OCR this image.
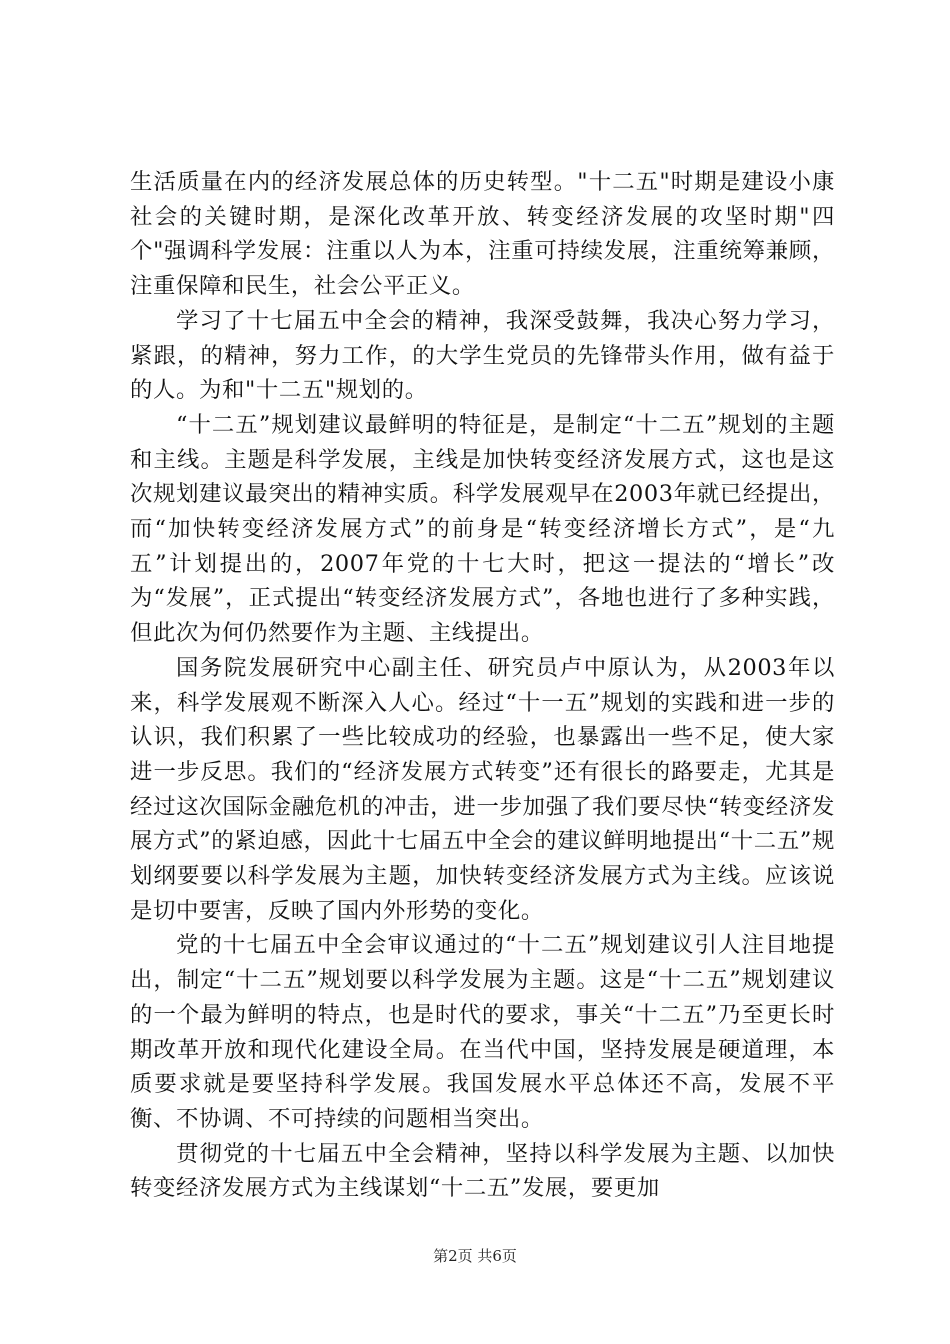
生活质量在内的经济发展总体的历史转型。"十二五"时期是建设小康社会的关键时期，是深化改革开放、转变经济发展的攻坚时期"四个"强调科学发展：注重以人为本，注重可持续发展，注重统筹兼顾，注重保障和民生，社会公平正义。

学习了十七届五中全会的精神，我深受鼓舞，我决心努力学习，紧跟，的精神，努力工作，的大学生党员的先锋带头作用，做有益于的人。为和"十二五"规划的。

“十二五”规划建议最鲜明的特征是，是制定“十二五”规划的主题和主线。主题是科学发展，主线是加快转变经济发展方式，这也是这次规划建议最突出的精神实质。科学发展观早在2003年就已经提出，而“加快转变经济发展方式”的前身是“转变经济增长方式”，是“九五”计划提出的，2007年党的十七大时，把这一提法的“增长”改为“发展”，正式提出“转变经济发展方式”，各地也进行了多种实践，但此次为何仍然要作为主题、主线提出。

国务院发展研究中心副主任、研究员卢中原认为，从2003年以来，科学发展观不断深入人心。经过“十一五”规划的实践和进一步的认识，我们积累了一些比较成功的经验，也暴露出一些不足，使大家进一步反思。我们的“经济发展方式转变”还有很长的路要走，尤其是经过这次国际金融危机的冲击，进一步加强了我们要尽快“转变经济发展方式”的紧迫感，因此十七届五中全会的建议鲜明地提出“十二五”规划纲要要以科学发展为主题，加快转变经济发展方式为主线。应该说是切中要害，反映了国内外形势的变化。

党的十七届五中全会审议通过的“十二五”规划建议引人注目地提出，制定“十二五”规划要以科学发展为主题。这是“十二五”规划建议的一个最为鲜明的特点，也是时代的要求，事关“十二五”乃至更长时期改革开放和现代化建设全局。在当代中国，坚持发展是硬道理，本质要求就是要坚持科学发展。我国发展水平总体还不高，发展不平衡、不协调、不可持续的问题相当突出。

贯彻党的十七届五中全会精神，坚持以科学发展为主题、以加快转变经济发展方式为主线谋划“十二五”发展，要更加

第2页 共6页
